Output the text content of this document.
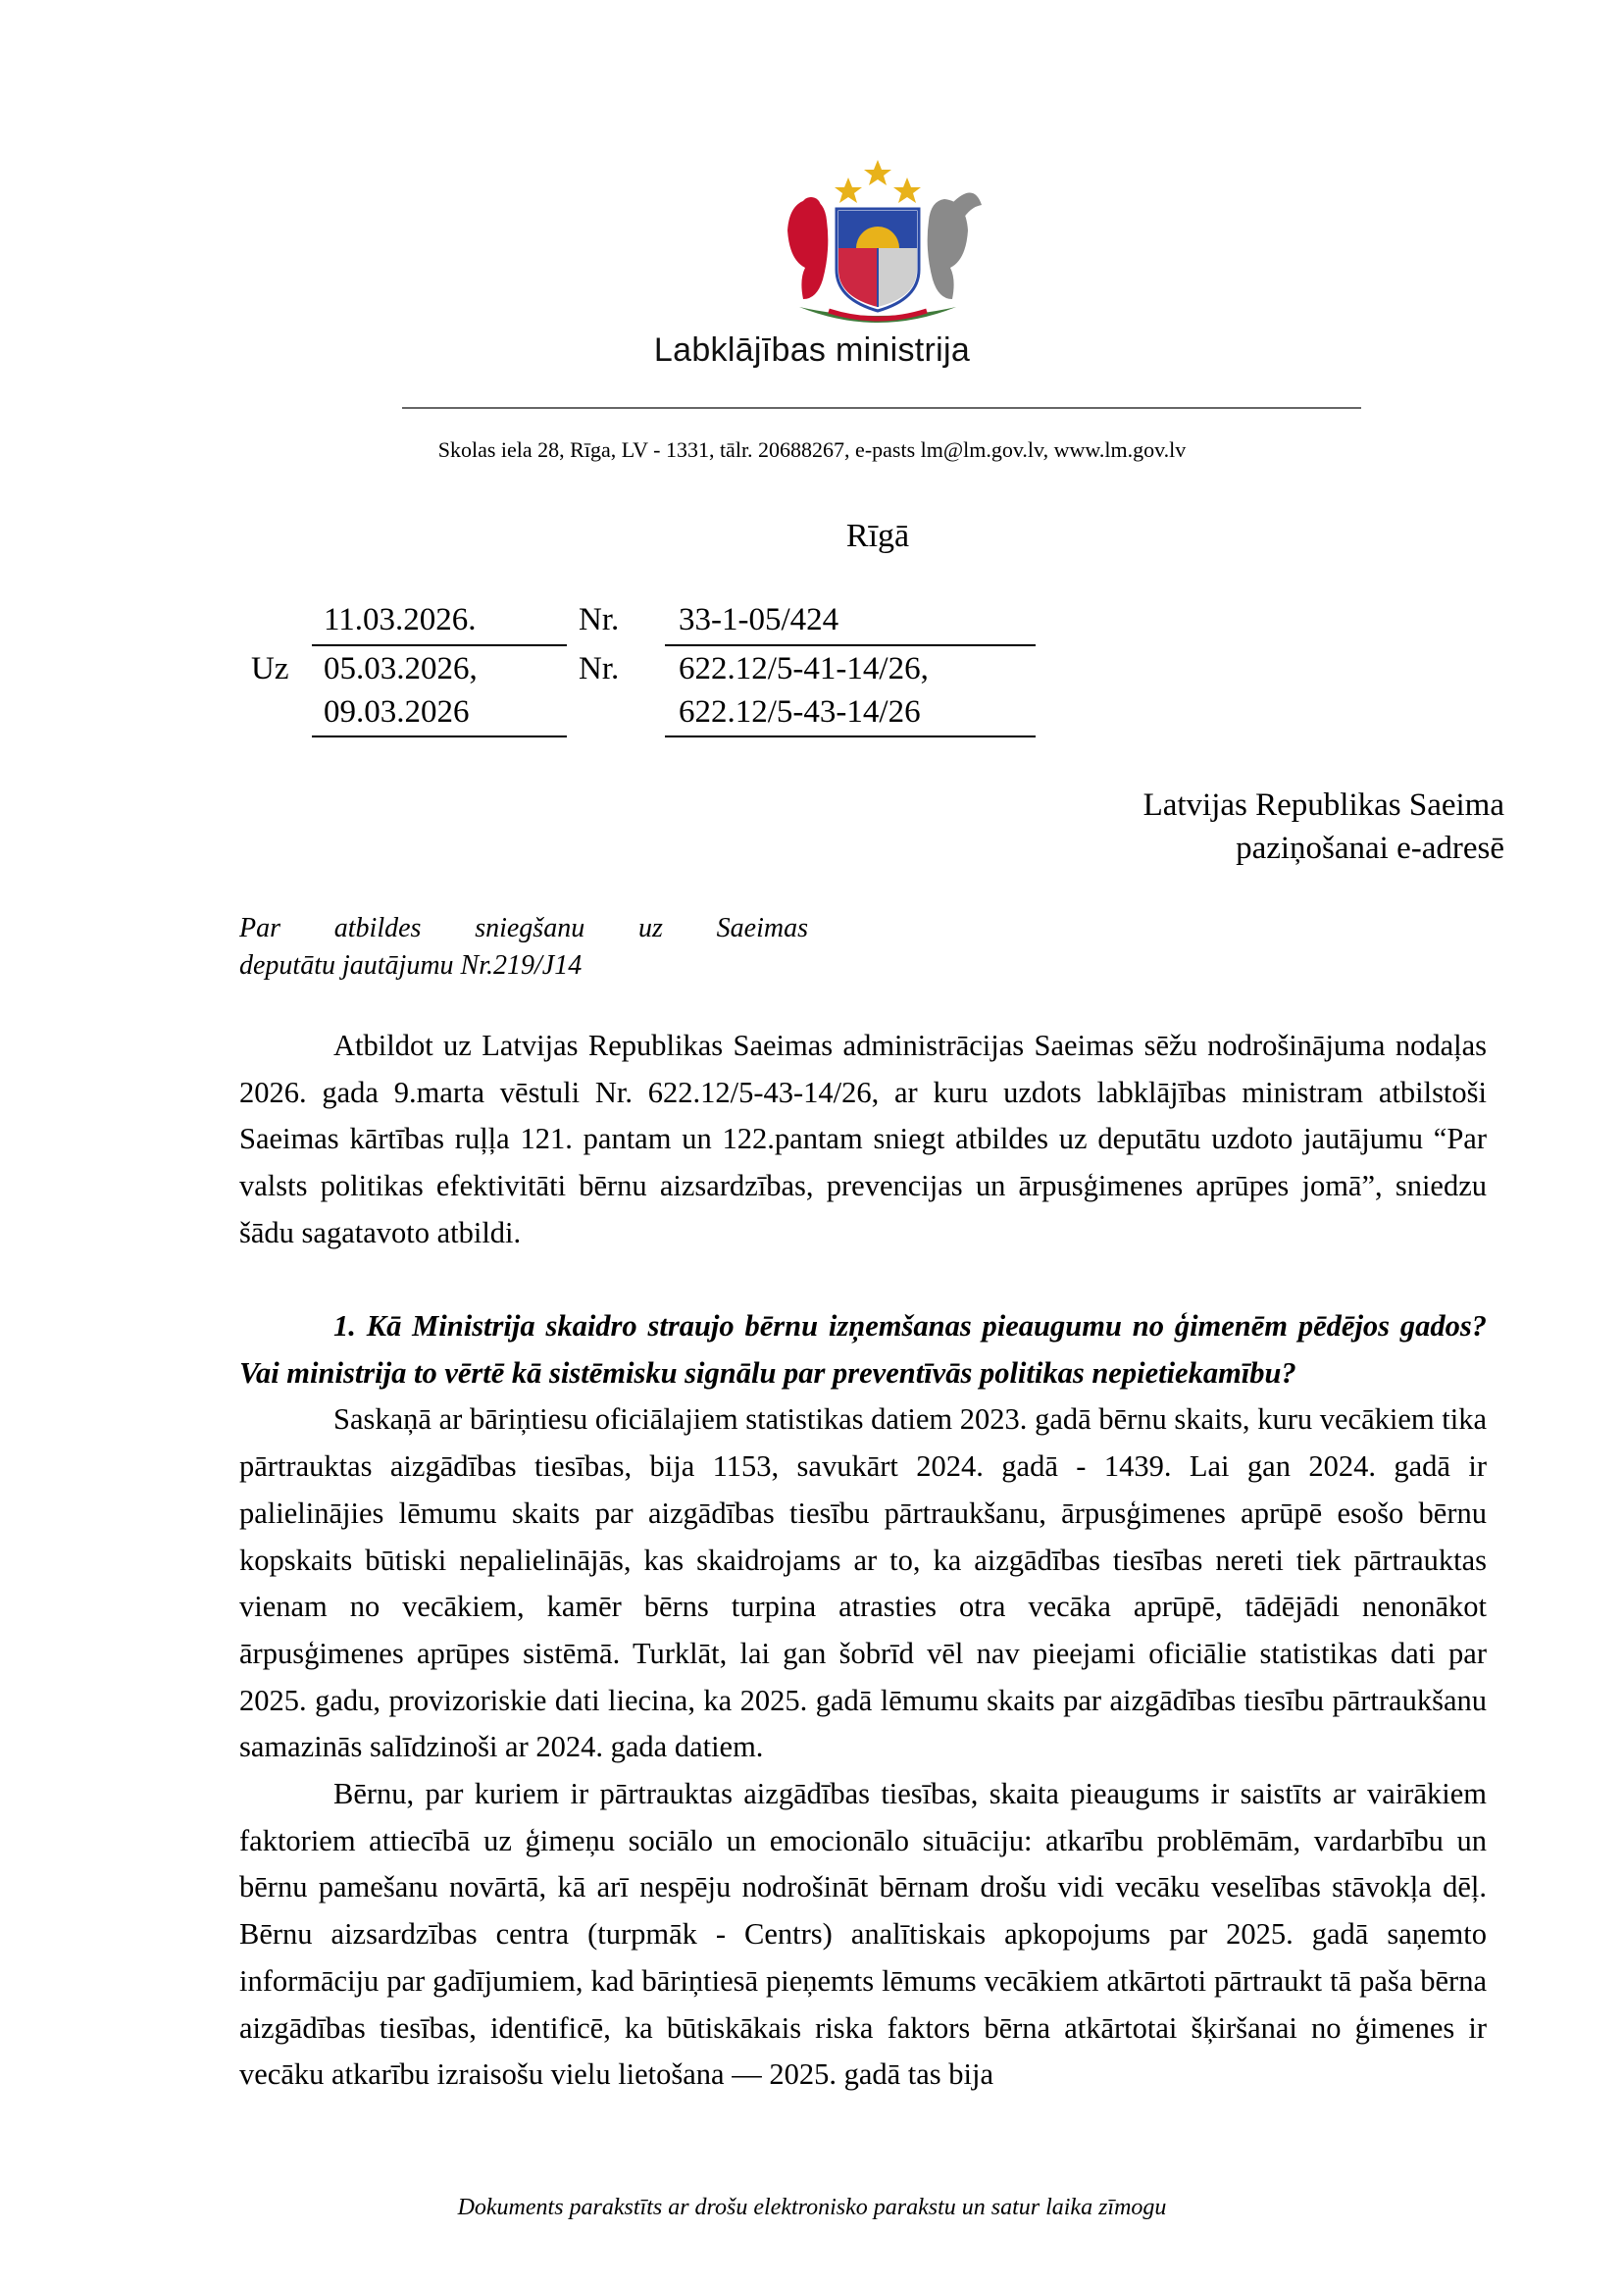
Labklājības ministrija
Skolas iela 28, Rīga, LV - 1331, tālr. 20688267, e-pasts lm@lm.gov.lv, www.lm.gov.lv
Rīgā
11.03.2026.	Nr. 33-1-05/424
Uz 05.03.2026,	Nr. 622.12/5-41-14/26,
09.03.2026	622.12/5-43-14/26
Latvijas Republikas Saeima
paziņošanai e-adresē
Par atbildes sniegšanu uz Saeimas
deputātu jautājumu Nr.219/J14

Atbildot uz Latvijas Republikas Saeimas administrācijas Saeimas sēžu nodrošinājuma nodaļas 2026. gada 9.marta vēstuli Nr. 622.12/5-43-14/26, ar kuru uzdots labklājības ministram atbilstoši Saeimas kārtības ruļļa 121. pantam un 122.pantam sniegt atbildes uz deputātu uzdoto jautājumu “Par valsts politikas efektivitāti bērnu aizsardzības, prevencijas un ārpusģimenes aprūpes jomā”, sniedzu šādu sagatavoto atbildi.

1. Kā Ministrija skaidro straujo bērnu izņemšanas pieaugumu no ģimenēm pēdējos gados? Vai ministrija to vērtē kā sistēmisku signālu par preventīvās politikas nepietiekamību?

Saskaņā ar bāriņtiesu oficiālajiem statistikas datiem 2023. gadā bērnu skaits, kuru vecākiem tika pārtrauktas aizgādības tiesības, bija 1153, savukārt 2024. gadā - 1439. Lai gan 2024. gadā ir palielinājies lēmumu skaits par aizgādības tiesību pārtraukšanu, ārpusģimenes aprūpē esošo bērnu kopskaits būtiski nepalielinājās, kas skaidrojams ar to, ka aizgādības tiesības nereti tiek pārtrauktas vienam no vecākiem, kamēr bērns turpina atrasties otra vecāka aprūpē, tādējādi nenonākot ārpusģimenes aprūpes sistēmā. Turklāt, lai gan šobrīd vēl nav pieejami oficiālie statistikas dati par 2025. gadu, provizoriskie dati liecina, ka 2025. gadā lēmumu skaits par aizgādības tiesību pārtraukšanu samazinās salīdzinoši ar 2024. gada datiem.

Bērnu, par kuriem ir pārtrauktas aizgādības tiesības, skaita pieaugums ir saistīts ar vairākiem faktoriem attiecībā uz ģimeņu sociālo un emocionālo situāciju: atkarību problēmām, vardarbību un bērnu pamešanu novārtā, kā arī nespēju nodrošināt bērnam drošu vidi vecāku veselības stāvokļa dēļ. Bērnu aizsardzības centra (turpmāk - Centrs) analītiskais apkopojums par 2025. gadā saņemto informāciju par gadījumiem, kad bāriņtiesā pieņemts lēmums vecākiem atkārtoti pārtraukt tā paša bērna aizgādības tiesības, identificē, ka būtiskākais riska faktors bērna atkārtotai šķiršanai no ģimenes ir vecāku atkarību izraisošu vielu lietošana — 2025. gadā tas bija

Dokuments parakstīts ar drošu elektronisko parakstu un satur laika zīmogu
